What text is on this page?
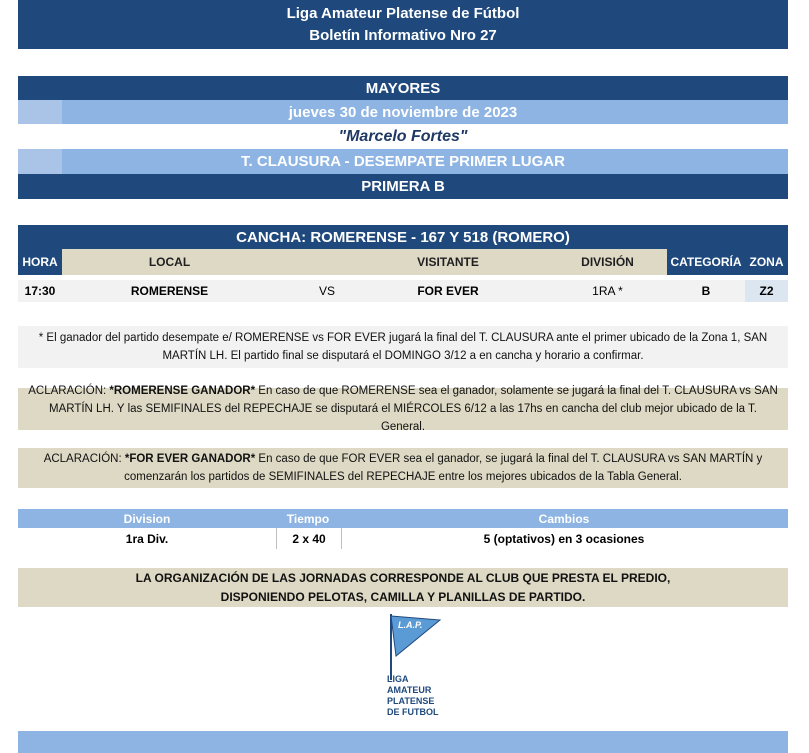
Liga Amateur Platense de Fútbol
Boletín Informativo Nro 27
MAYORES
jueves 30 de noviembre de 2023
"Marcelo Fortes"
T. CLAUSURA - DESEMPATE PRIMER LUGAR
PRIMERA B
CANCHA: ROMERENSE - 167 Y 518 (ROMERO)
HORA	LOCAL	VISITANTE	DIVISIÓN	CATEGORÍA ZONA
17:30	ROMERENSE	VS	FOR EVER	1RA *	B	Z2
* El ganador del partido desempate e/ ROMERENSE vs FOR EVER jugará la final del T. CLAUSURA ante el primer ubicado de la Zona 1, SAN
MARTÍN LH. El partido final se disputará el DOMINGO 3/12 a en cancha y horario a confirmar.
ACLARACIÓN: *ROMERENSE GANADOR* En caso de que ROMERENSE sea el ganador, solamente se jugará la final del T. CLAUSURA vs SAN
MARTÍN LH. Y las SEMIFINALES del REPECHAJE se disputará el MIÉRCOLES 6/12 a las 17hs en cancha del club mejor ubicado de la T. General.
ACLARACIÓN: *FOR EVER GANADOR* En caso de que FOR EVER sea el ganador, se jugará la final del T. CLAUSURA vs SAN MARTÍN y
comenzarán los partidos de SEMIFINALES del REPECHAJE entre los mejores ubicados de la Tabla General.
Division	Tiempo	Cambios
1ra Div.	2 x 40	5 (optativos) en 3 ocasiones
LA ORGANIZACIÓN DE LAS JORNADAS CORRESPONDE AL CLUB QUE PRESTA EL PREDIO,
DISPONIENDO PELOTAS, CAMILLA Y PLANILLAS DE PARTIDO.
L.A.P.
LIGA
AMATEUR
PLATENSE
DE FUTBOL
